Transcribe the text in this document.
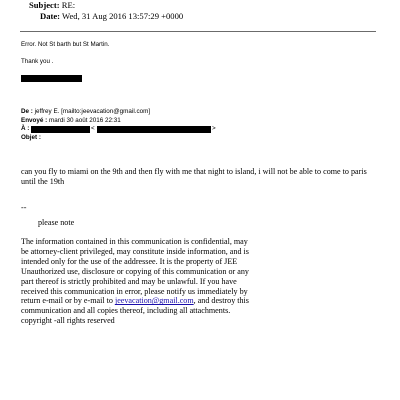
Subject: RE:
Date: Wed, 31 Aug 2016 13:57:29 +0000
Error. Not St barth but St Martin.
Thank you .
De : jeffrey E. [mailto:jeevacation@gmail.com]
Envoyé : mardi 30 août 2016 22:31
À :	<	>
Objet :
can you fly to miami on the 9th and then fly with me that night to island, i will not be able to come to paris until the 19th
--
please note
The information contained in this communication is confidential, may be attorney-client privileged, may constitute inside information, and is intended only for the use of the addressee. It is the property of JEE Unauthorized use, disclosure or copying of this communication or any part thereof is strictly prohibited and may be unlawful. If you have received this communication in error, please notify us immediately by return e-mail or by e-mail to jeevacation@gmail.com, and destroy this communication and all copies thereof, including all attachments. copyright -all rights reserved
